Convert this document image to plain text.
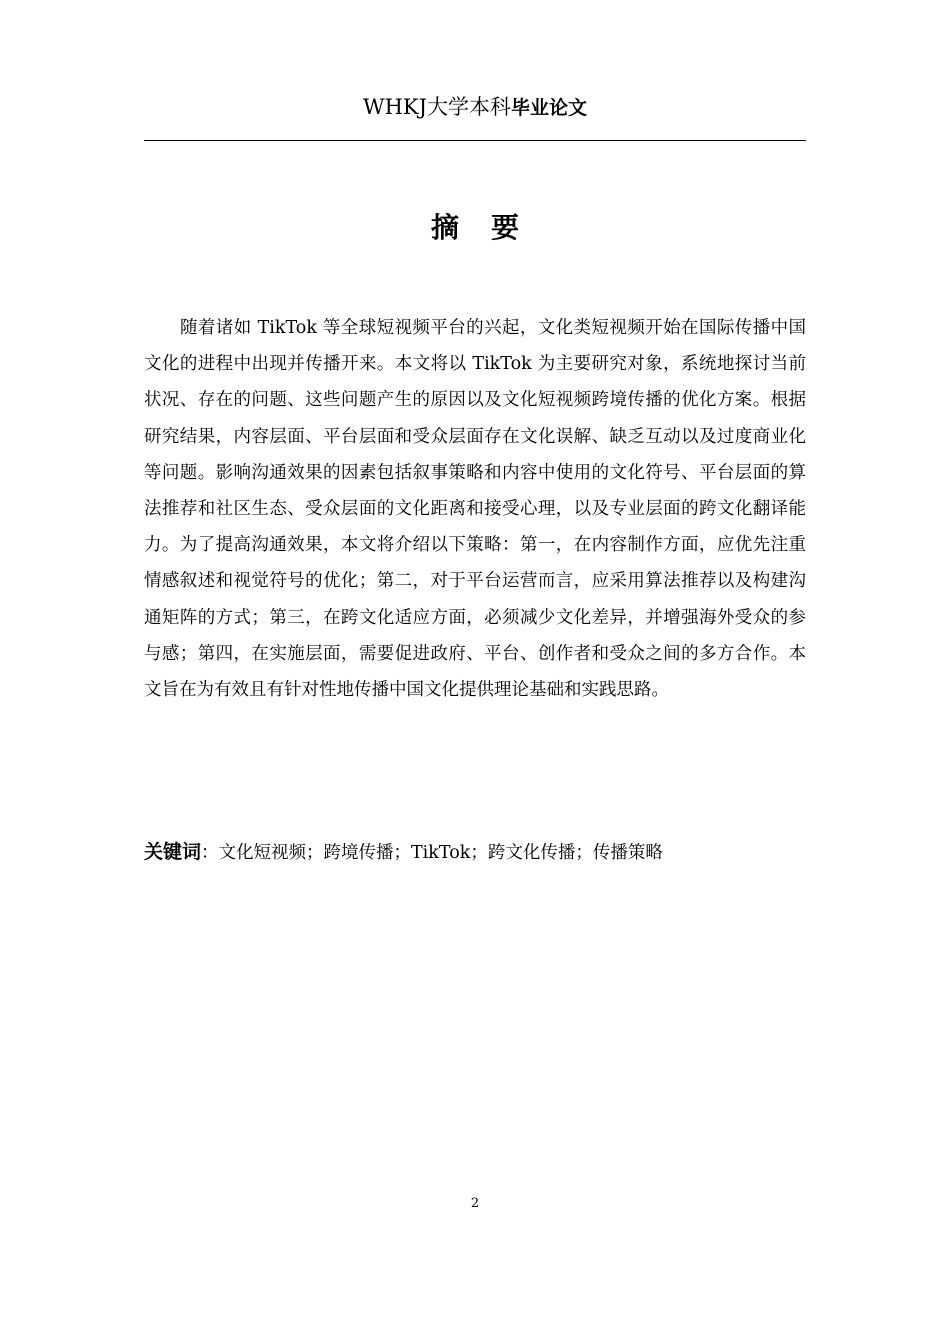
WHKJ大学本科毕业论文
摘要

随着诸如 TikTok 等全球短视频平台的兴起，文化类短视频开始在国际传播中国文化的进程中出现并传播开来。本文将以 TikTok 为主要研究对象，系统地探讨当前状况、存在的问题、这些问题产生的原因以及文化短视频跨境传播的优化方案。根据研究结果，内容层面、平台层面和受众层面存在文化误解、缺乏互动以及过度商业化等问题。影响沟通效果的因素包括叙事策略和内容中使用的文化符号、平台层面的算法推荐和社区生态、受众层面的文化距离和接受心理，以及专业层面的跨文化翻译能力。为了提高沟通效果，本文将介绍以下策略：第一，在内容制作方面，应优先注重情感叙述和视觉符号的优化；第二，对于平台运营而言，应采用算法推荐以及构建沟通矩阵的方式；第三，在跨文化适应方面，必须减少文化差异，并增强海外受众的参与感；第四，在实施层面，需要促进政府、平台、创作者和受众之间的多方合作。本文旨在为有效且有针对性地传播中国文化提供理论基础和实践思路。

关键词：文化短视频；跨境传播；TikTok；跨文化传播；传播策略
2
